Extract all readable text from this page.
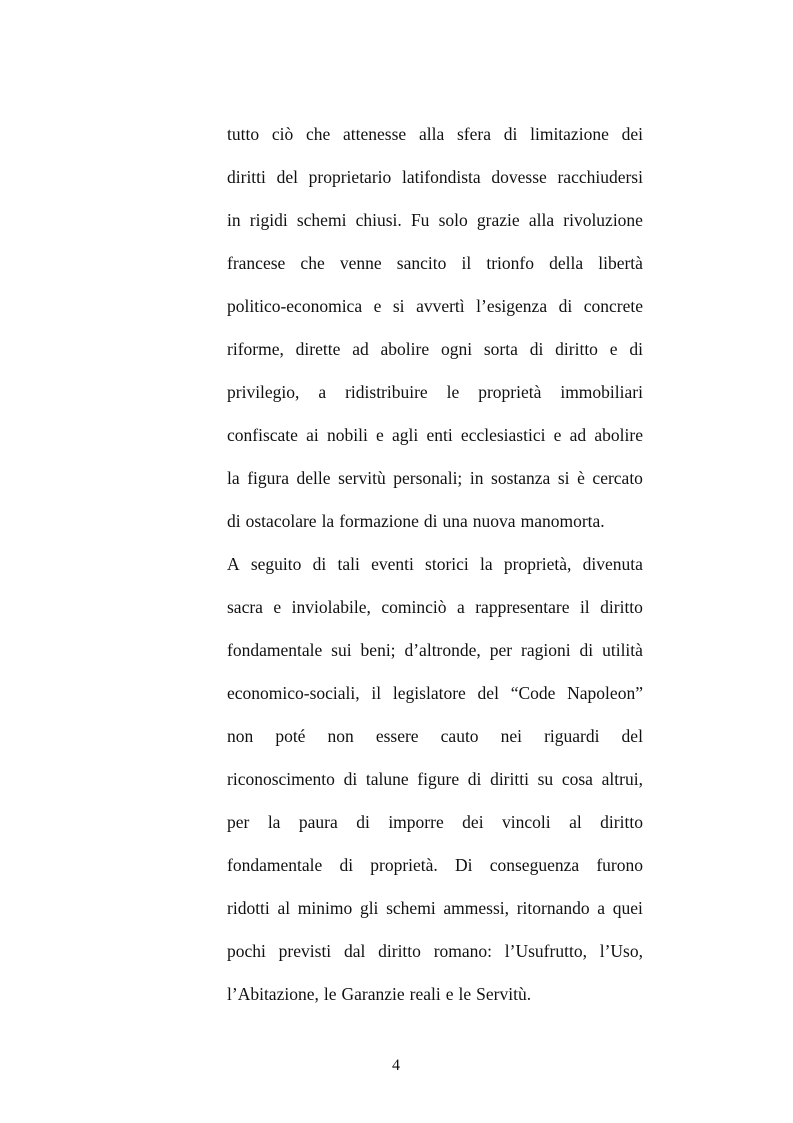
tutto ciò che attenesse alla sfera di limitazione dei
diritti del proprietario latifondista dovesse racchiudersi
in rigidi schemi chiusi. Fu solo grazie alla rivoluzione
francese che venne sancito il trionfo della libertà
politico-economica e si avvertì l’esigenza di concrete
riforme, dirette ad abolire ogni sorta di diritto e di
privilegio, a ridistribuire le proprietà immobiliari
confiscate ai nobili e agli enti ecclesiastici e ad abolire
la figura delle servitù personali; in sostanza si è cercato
di ostacolare la formazione di una nuova manomorta.
A seguito di tali eventi storici la proprietà, divenuta
sacra e inviolabile, cominciò a rappresentare il diritto
fondamentale sui beni; d’altronde, per ragioni di utilità
economico-sociali, il legislatore del “Code Napoleon”
non poté non essere cauto nei riguardi del
riconoscimento di talune figure di diritti su cosa altrui,
per la paura di imporre dei vincoli al diritto
fondamentale di proprietà. Di conseguenza furono
ridotti al minimo gli schemi ammessi, ritornando a quei
pochi previsti dal diritto romano: l’Usufrutto, l’Uso,
l’Abitazione, le Garanzie reali e le Servitù.
4
